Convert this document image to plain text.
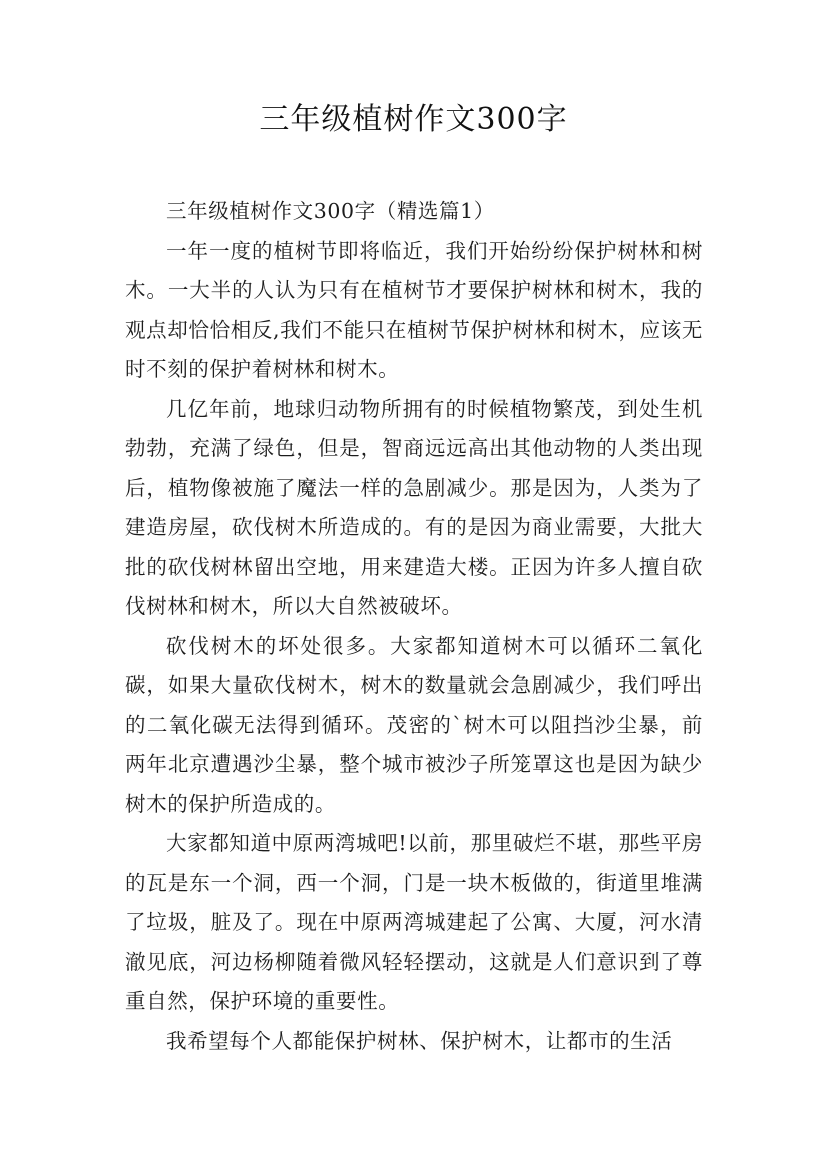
三年级植树作文300字

三年级植树作文300字（精选篇1）

一年一度的植树节即将临近，我们开始纷纷保护树林和树木。一大半的人认为只有在植树节才要保护树林和树木，我的观点却恰恰相反,我们不能只在植树节保护树林和树木，应该无时不刻的保护着树林和树木。

几亿年前，地球归动物所拥有的时候植物繁茂，到处生机勃勃，充满了绿色，但是，智商远远高出其他动物的人类出现后，植物像被施了魔法一样的急剧减少。那是因为，人类为了建造房屋，砍伐树木所造成的。有的是因为商业需要，大批大批的砍伐树林留出空地，用来建造大楼。正因为许多人擅自砍伐树林和树木，所以大自然被破坏。

砍伐树木的坏处很多。大家都知道树木可以循环二氧化碳，如果大量砍伐树木，树木的数量就会急剧减少，我们呼出的二氧化碳无法得到循环。茂密的`树木可以阻挡沙尘暴，前两年北京遭遇沙尘暴，整个城市被沙子所笼罩这也是因为缺少树木的保护所造成的。

大家都知道中原两湾城吧!以前，那里破烂不堪，那些平房的瓦是东一个洞，西一个洞，门是一块木板做的，街道里堆满了垃圾，脏及了。现在中原两湾城建起了公寓、大厦，河水清澈见底，河边杨柳随着微风轻轻摆动，这就是人们意识到了尊重自然，保护环境的重要性。

我希望每个人都能保护树林、保护树木，让都市的生活
